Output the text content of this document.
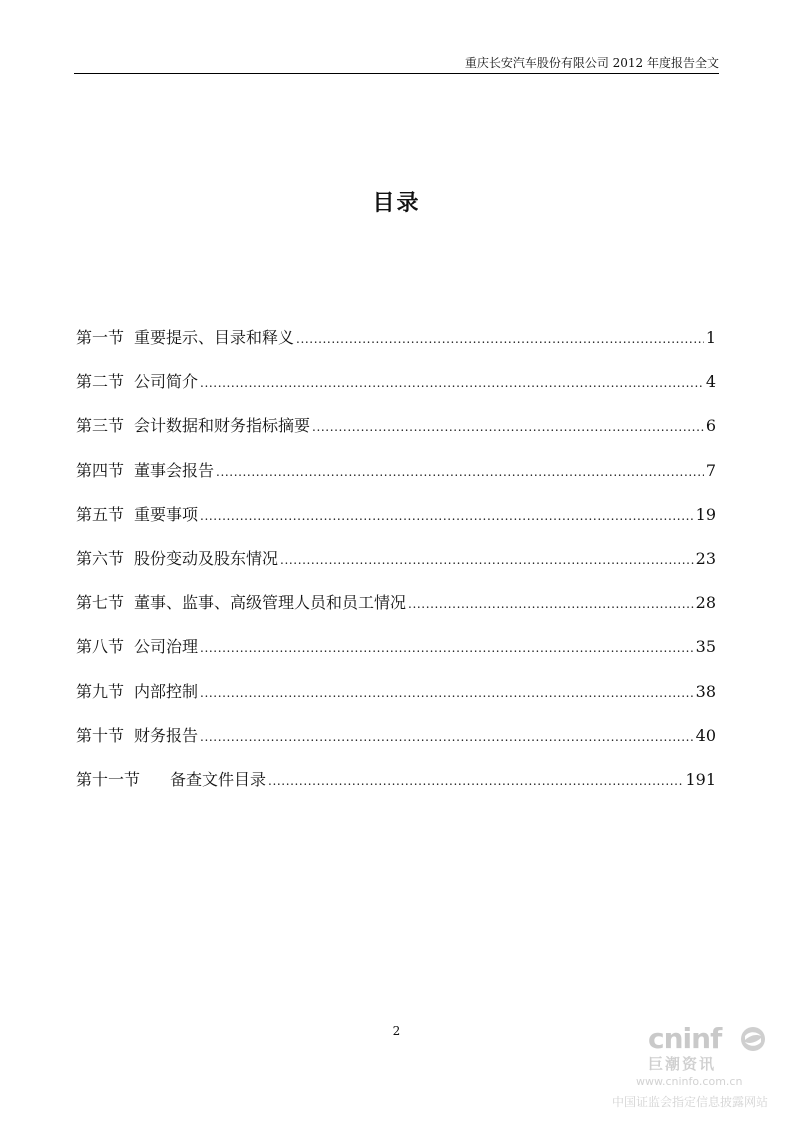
重庆长安汽车股份有限公司 2012 年度报告全文
目录
第一节 重要提示、目录和释义 .....	1
第二节 公司简介 .....	4
第三节 会计数据和财务指标摘要 .....	6
第四节 董事会报告 .....	7
第五节 重要事项 .....	19
第六节 股份变动及股东情况 .....	23
第七节 董事、监事、高级管理人员和员工情况 .....	28
第八节 公司治理 .....	35
第九节 内部控制 .....	38
第十节 财务报告 .....	40
第十一节 备查文件目录 .....	191
2	cninf
巨潮资讯
www.cninfo.com.cn
中国证监会指定信息披露网站
